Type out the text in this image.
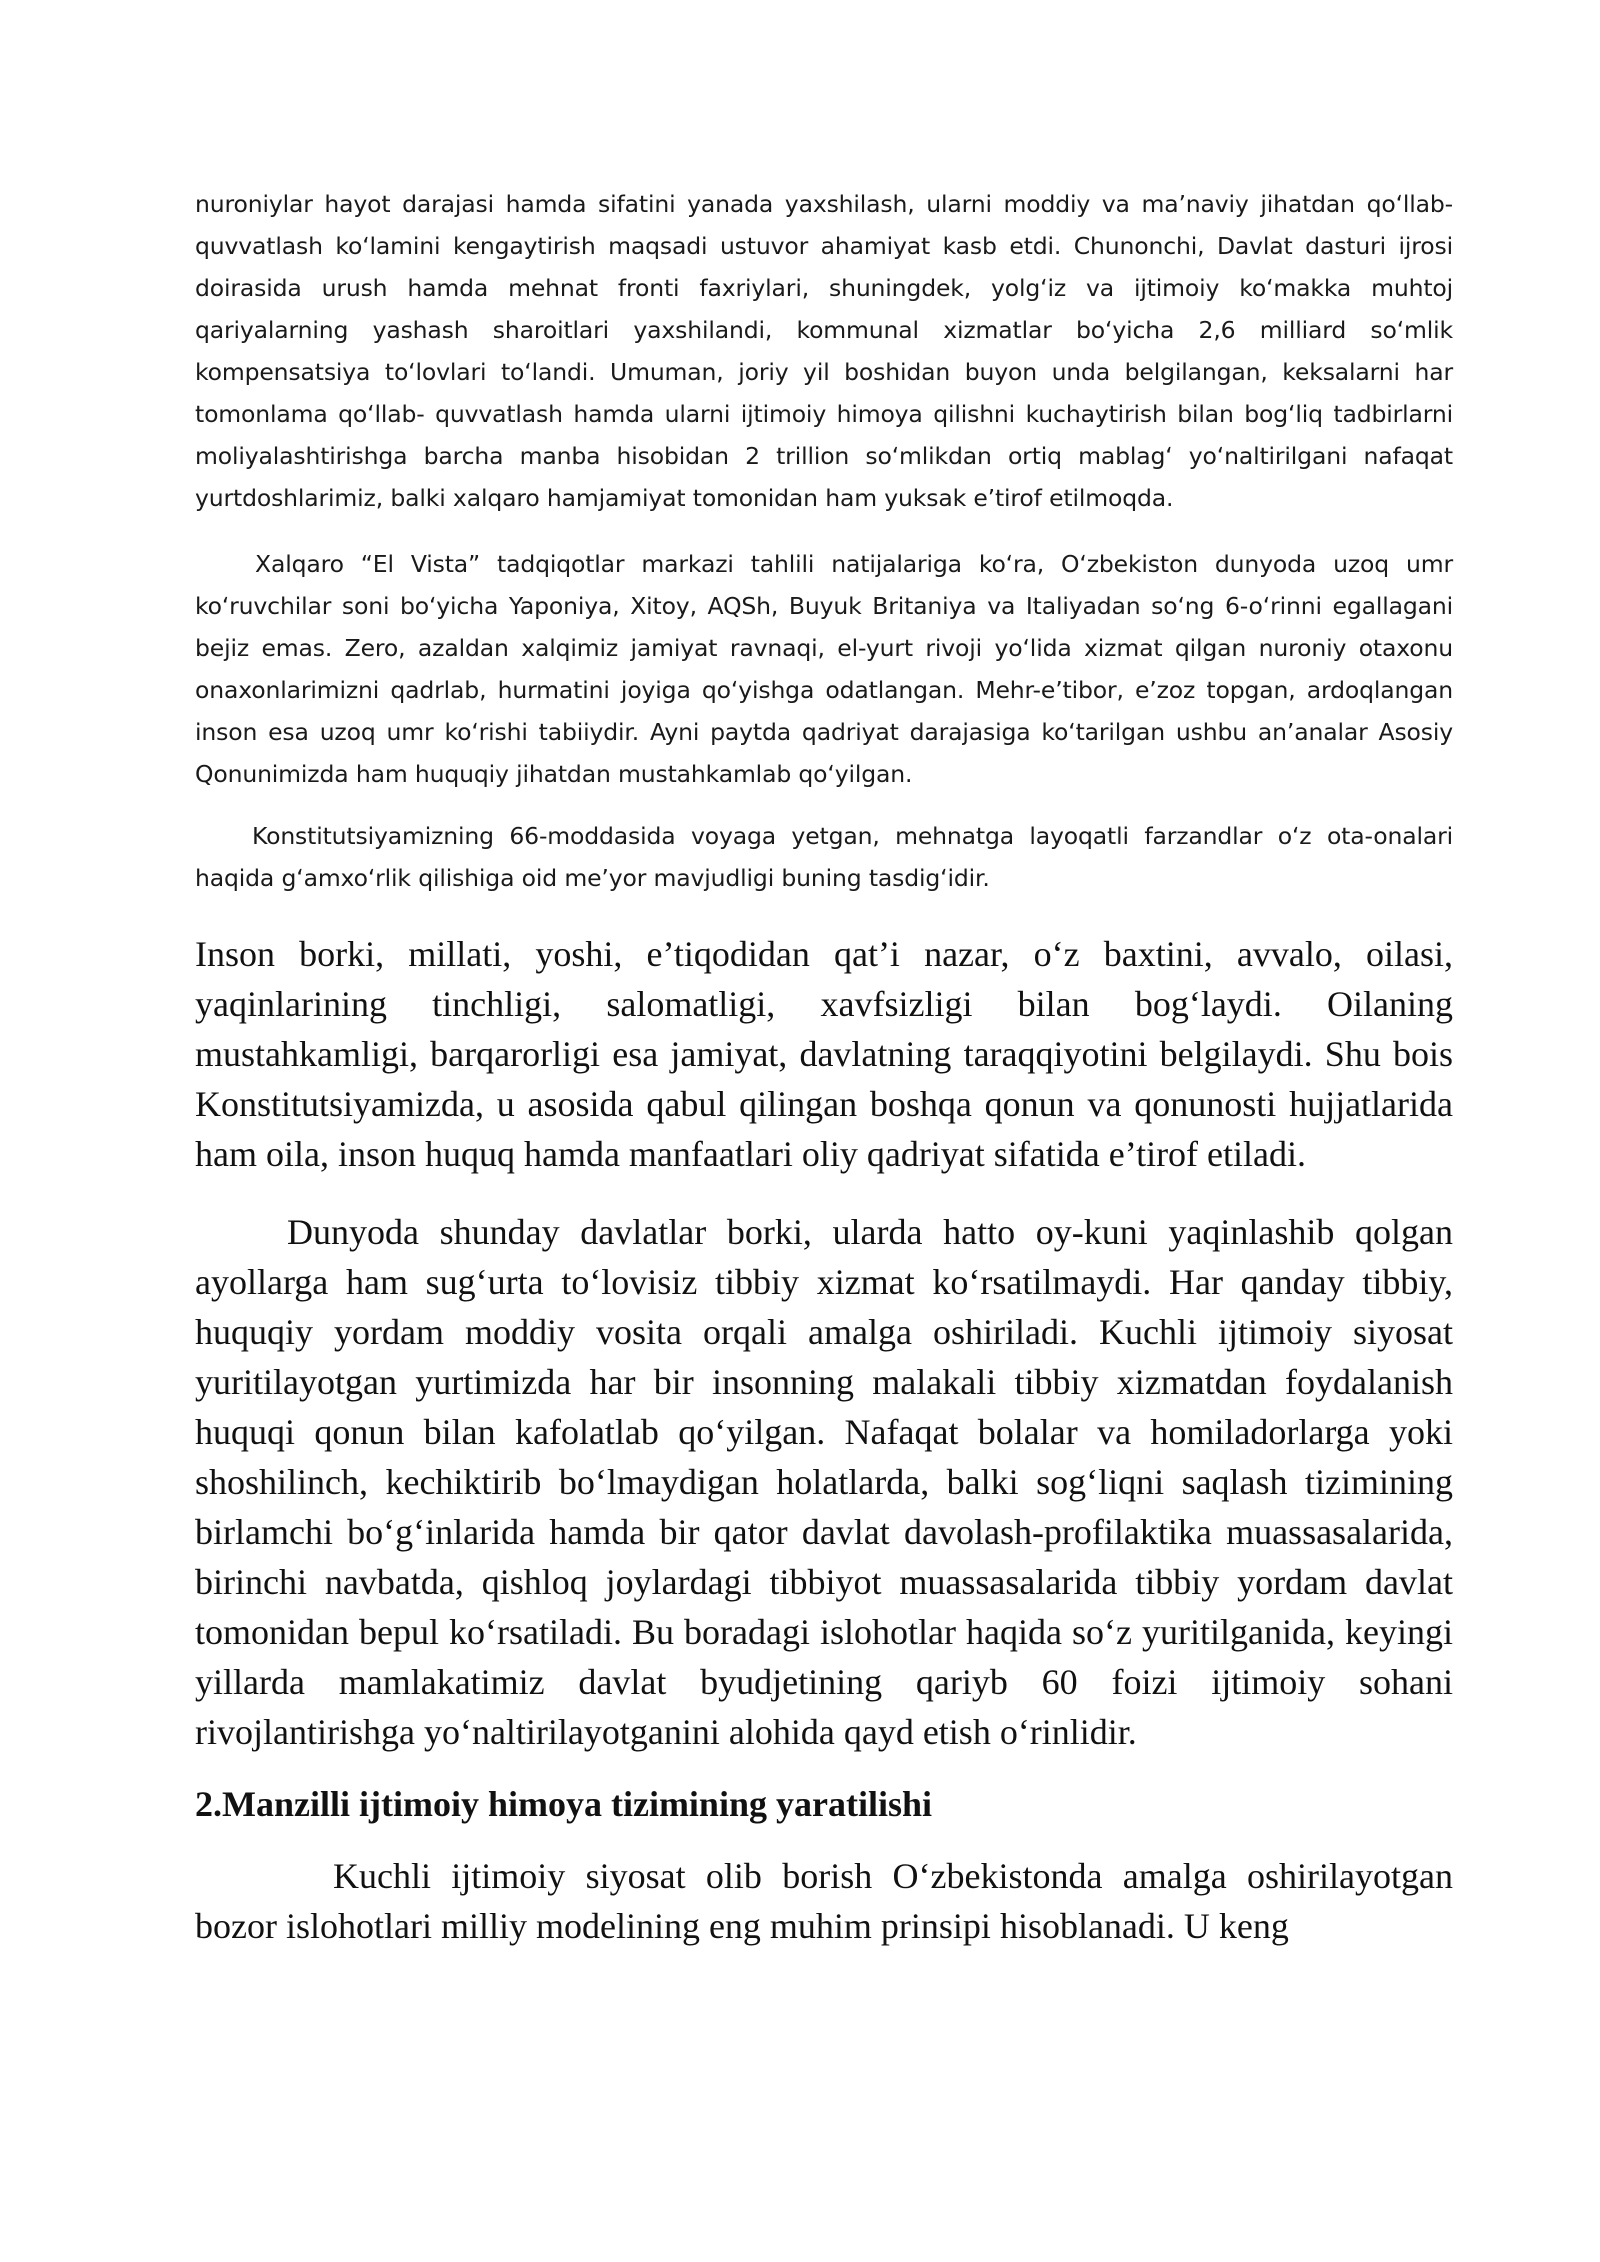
nuroniylar hayot darajasi hamda sifatini yanada yaxshilash, ularni moddiy va ma’naviy jihatdan qoʻllab-quvvatlash koʻlamini kengaytirish maqsadi ustuvor ahamiyat kasb etdi. Chunonchi, Davlat dasturi ijrosi doirasida urush hamda mehnat fronti faxriylari, shuningdek, yolgʻiz va ijtimoiy koʻmakka muhtoj qariyalarning yashash sharoitlari yaxshilandi, kommunal xizmatlar boʻyicha 2,6 milliard soʻmlik kompensatsiya toʻlovlari toʻlandi. Umuman, joriy yil boshidan buyon unda belgilangan, keksalarni har tomonlama qoʻllab- quvvatlash hamda ularni ijtimoiy himoya qilishni kuchaytirish bilan bogʻliq tadbirlarni moliyalashtirishga barcha manba hisobidan 2 trillion soʻmlikdan ortiq mablagʻ yoʻnaltirilgani nafaqat yurtdoshlarimiz, balki xalqaro hamjamiyat tomonidan ham yuksak e’tirof etilmoqda.

Xalqaro “El Vista” tadqiqotlar markazi tahlili natijalariga koʻra, Oʻzbekiston dunyoda uzoq umr koʻruvchilar soni boʻyicha Yaponiya, Xitoy, AQSh, Buyuk Britaniya va Italiyadan soʻng 6-oʻrinni egallagani bejiz emas. Zero, azaldan xalqimiz jamiyat ravnaqi, el-yurt rivoji yoʻlida xizmat qilgan nuroniy otaxonu onaxonlarimizni qadrlab, hurmatini joyiga qoʻyishga odatlangan. Mehr-e’tibor, e’zoz topgan, ardoqlangan inson esa uzoq umr koʻrishi tabiiydir. Ayni paytda qadriyat darajasiga koʻtarilgan ushbu an’analar Asosiy Qonunimizda ham huquqiy jihatdan mustahkamlab qoʻyilgan.

Konstitutsiyamizning 66-moddasida voyaga yetgan, mehnatga layoqatli farzandlar oʻz ota-onalari haqida gʻamxoʻrlik qilishiga oid me’yor mavjudligi buning tasdigʻidir.

Inson borki, millati, yoshi, e’tiqodidan qat’i nazar, oʻz baxtini, avvalo, oilasi, yaqinlarining tinchligi, salomatligi, xavfsizligi bilan bogʻlaydi. Oilaning mustahkamligi, barqarorligi esa jamiyat, davlatning taraqqiyotini belgilaydi. Shu bois Konstitutsiyamizda, u asosida qabul qilingan boshqa qonun va qonunosti hujjatlarida ham oila, inson huquq hamda manfaatlari oliy qadriyat sifatida e’tirof etiladi.

Dunyoda shunday davlatlar borki, ularda hatto oy-kuni yaqinlashib qolgan ayollarga ham sugʻurta toʻlovisiz tibbiy xizmat koʻrsatilmaydi. Har qanday tibbiy, huquqiy yordam moddiy vosita orqali amalga oshiriladi. Kuchli ijtimoiy siyosat yuritilayotgan yurtimizda har bir insonning malakali tibbiy xizmatdan foydalanish huquqi qonun bilan kafolatlab qoʻyilgan. Nafaqat bolalar va homiladorlarga yoki shoshilinch, kechiktirib boʻlmaydigan holatlarda, balki sogʻliqni saqlash tizimining birlamchi boʻgʻinlarida hamda bir qator davlat davolash-profilaktika muassasalarida, birinchi navbatda, qishloq joylardagi tibbiyot muassasalarida tibbiy yordam davlat tomonidan bepul koʻrsatiladi. Bu boradagi islohotlar haqida soʻz yuritilganida, keyingi yillarda mamlakatimiz davlat byudjetining qariyb 60 foizi ijtimoiy sohani rivojlantirishga yoʻnaltirilayotganini alohida qayd etish oʻrinlidir.

2.Manzilli ijtimoiy himoya tizimining yaratilishi

Kuchli ijtimoiy siyosat olib borish Oʻzbekistonda amalga oshirilayotgan bozor islohotlari milliy modelining eng muhim prinsipi hisoblanadi. U keng
